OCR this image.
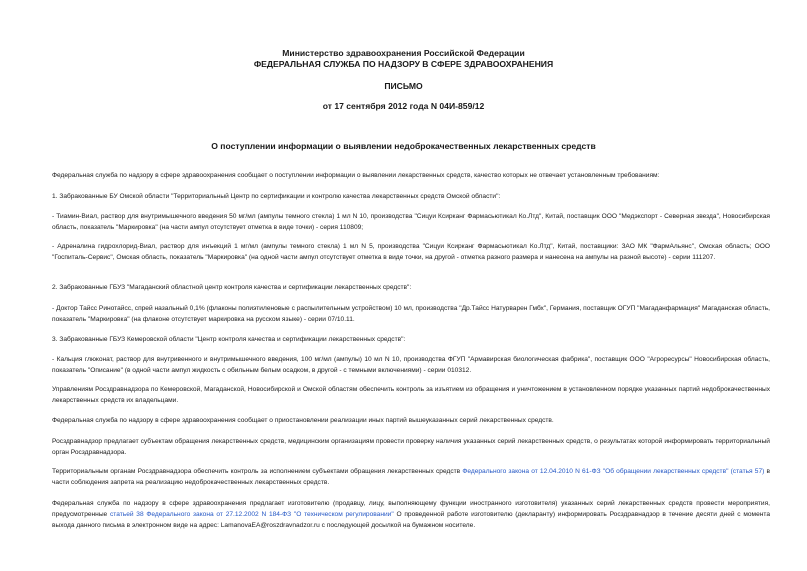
Министерство здравоохранения Российской Федерации
ФЕДЕРАЛЬНАЯ СЛУЖБА ПО НАДЗОРУ В СФЕРЕ ЗДРАВООХРАНЕНИЯ
ПИСЬМО
от 17 сентября 2012 года N 04И-859/12
О поступлении информации о выявлении недоброкачественных лекарственных средств
Федеральная служба по надзору в сфере здравоохранения сообщает о поступлении информации о выявлении лекарственных средств, качество которых не отвечает установленным требованиям:
1. Забракованные БУ Омской области "Территориальный Центр по сертификации и контролю качества лекарственных средств Омской области":
- Тиамин-Виал, раствор для внутримышечного введения 50 мг/мл (ампулы темного стекла) 1 мл N 10, производства "Сицуи Ксирканг Фармасьютикал Ко.Лтд", Китай, поставщик ООО "Медэкспорт - Северная звезда", Новосибирская область, показатель "Маркировка" (на части ампул отсутствует отметка в виде точки) - серия 110809;
- Адреналина гидрохлорид-Виал, раствор для инъекций 1 мг/мл (ампулы темного стекла) 1 мл N 5, производства "Сицуи Ксирканг Фармасьютикал Ко.Лтд", Китай, поставщики: ЗАО МК "ФармАльянс", Омская область; ООО "Госпиталь-Сервис", Омская область, показатель "Маркировка" (на одной части ампул отсутствует отметка в виде точки, на другой - отметка разного размера и нанесена на ампулы на разной высоте) - серии 111207.
2. Забракованные ГБУЗ "Магаданский областной центр контроля качества и сертификации лекарственных средств":
- Доктор Тайсс Ринотайсс, спрей назальный 0,1% (флаконы полиэтиленовые с распылительным устройством) 10 мл, производства "Др.Тайсс Натурварен Гмбх", Германия, поставщик ОГУП "Магаданфармация" Магаданская область, показатель "Маркировка" (на флаконе отсутствует маркировка на русском языке) - серии 07/10.11.
3. Забракованные ГБУЗ Кемеровской области "Центр контроля качества и сертификации лекарственных средств":
- Кальция глюконат, раствор для внутривенного и внутримышечного введения, 100 мг/мл (ампулы) 10 мл N 10, производства ФГУП "Армавирская биологическая фабрика", поставщик ООО "Агроресурсы" Новосибирская область, показатель "Описание" (в одной части ампул жидкость с обильным белым осадком, в другой - с темными включениями) - серии 010312.
Управлениям Росздравнадзора по Кемеровской, Магаданской, Новосибирской и Омской областям обеспечить контроль за изъятием из обращения и уничтожением в установленном порядке указанных партий недоброкачественных лекарственных средств их владельцами.
Федеральная служба по надзору в сфере здравоохранения сообщает о приостановлении реализации иных партий вышеуказанных серий лекарственных средств.
Росздравнадзор предлагает субъектам обращения лекарственных средств, медицинским организациям провести проверку наличия указанных серий лекарственных средств, о результатах которой информировать территориальный орган Росздравнадзора.
Территориальным органам Росздравнадзора обеспечить контроль за исполнением субъектами обращения лекарственных средств Федерального закона от 12.04.2010 N 61-ФЗ "Об обращении лекарственных средств" (статья 57) в части соблюдения запрета на реализацию недоброкачественных лекарственных средств.
Федеральная служба по надзору в сфере здравоохранения предлагает изготовителю (продавцу, лицу, выполняющему функции иностранного изготовителя) указанных серий лекарственных средств провести мероприятия, предусмотренные статьей 38 Федерального закона от 27.12.2002 N 184-ФЗ "О техническом регулировании" О проведенной работе изготовителю (декларанту) информировать Росздравнадзор в течение десяти дней с момента выхода данного письма в электронном виде на адрес: LamanovaEA@roszdravnadzor.ru с последующей досылкой на бумажном носителе.
